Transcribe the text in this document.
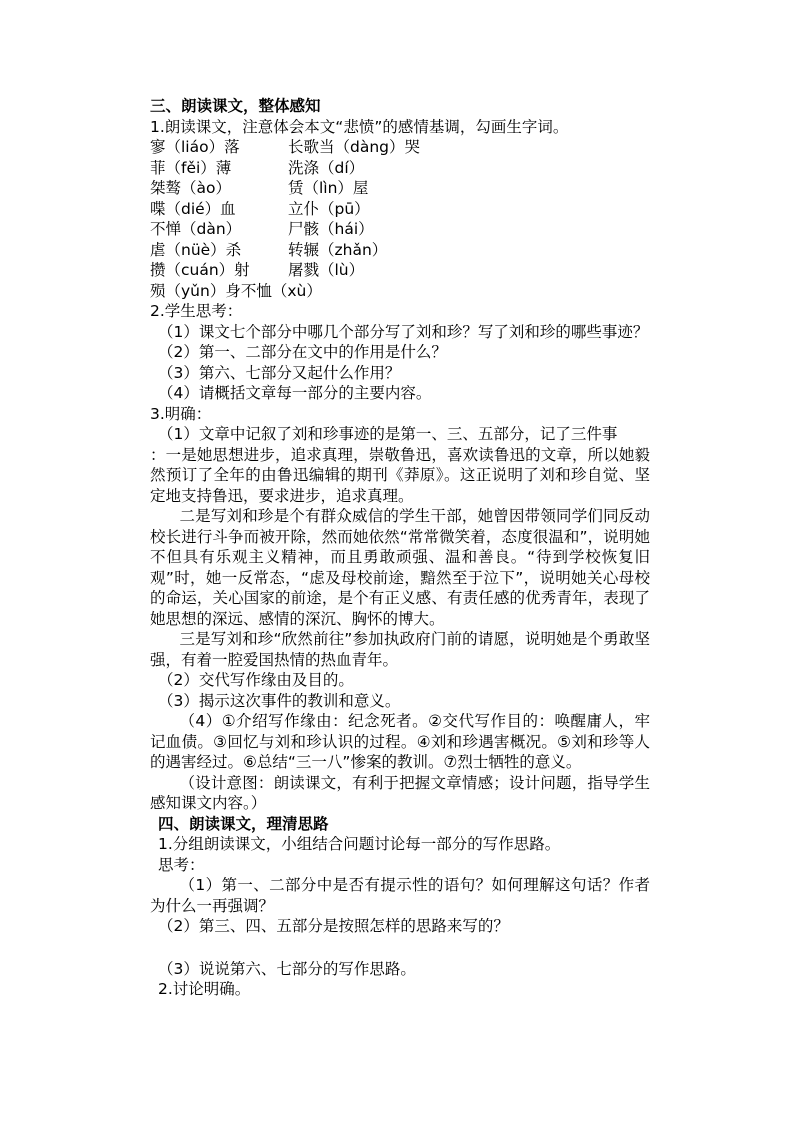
三、朗读课文，整体感知
1.朗读课文，注意体会本文“悲愤”的感情基调，勾画生字词。
寥（liáo）落	长歌当（dàng）哭
菲（fěi）薄	洗涤（dí）
桀骜（ào）	赁（lìn）屋
喋（dié）血	立仆（pū）
不惮（dàn）	尸骸（hái）
虐（nüè）杀	转辗（zhǎn）
攒（cuán）射	屠戮（lù）
殒（yǔn）身不恤（xù）
2.学生思考：
（1）课文七个部分中哪几个部分写了刘和珍？写了刘和珍的哪些事迹？
（2）第一、二部分在文中的作用是什么？
（3）第六、七部分又起什么作用？
（4）请概括文章每一部分的主要内容。
3.明确：
（1）文章中记叙了刘和珍事迹的是第一、三、五部分，记了三件事
：一是她思想进步，追求真理，崇敬鲁迅，喜欢读鲁迅的文章，所以她毅然预订了全年的由鲁迅编辑的期刊《莽原》。这正说明了刘和珍自觉、坚定地支持鲁迅，要求进步，追求真理。
二是写刘和珍是个有群众威信的学生干部，她曾因带领同学们同反动校长进行斗争而被开除，然而她依然“常常微笑着，态度很温和”，说明她不但具有乐观主义精神，而且勇敢顽强、温和善良。“待到学校恢复旧观”时，她一反常态，“虑及母校前途，黯然至于泣下”，说明她关心母校的命运，关心国家的前途，是个有正义感、有责任感的优秀青年，表现了她思想的深远、感情的深沉、胸怀的博大。
三是写刘和珍“欣然前往”参加执政府门前的请愿，说明她是个勇敢坚强，有着一腔爱国热情的热血青年。
（2）交代写作缘由及目的。
（3）揭示这次事件的教训和意义。
（4）①介绍写作缘由：纪念死者。②交代写作目的：唤醒庸人，牢记血债。③回忆与刘和珍认识的过程。④刘和珍遇害概况。⑤刘和珍等人的遇害经过。⑥总结“三一八”惨案的教训。⑦烈士牺牲的意义。
（设计意图：朗读课文，有利于把握文章情感；设计问题，指导学生感知课文内容。）
四、朗读课文，理清思路
1.分组朗读课文，小组结合问题讨论每一部分的写作思路。
思考：
（1）第一、二部分中是否有提示性的语句？如何理解这句话？作者为什么一再强调？
（2）第三、四、五部分是按照怎样的思路来写的？
（3）说说第六、七部分的写作思路。
2.讨论明确。
